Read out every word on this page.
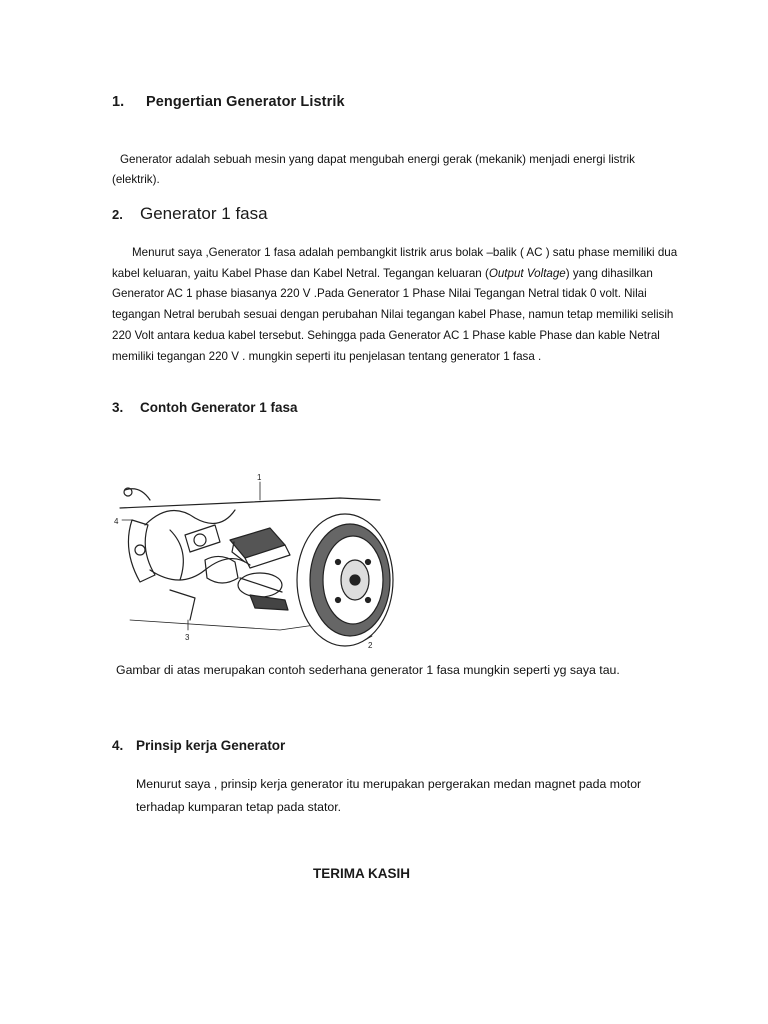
1. Pengertian Generator Listrik
Generator adalah sebuah mesin yang dapat mengubah energi gerak (mekanik) menjadi energi listrik (elektrik).
2. Generator 1 fasa
Menurut saya ,Generator 1 fasa adalah pembangkit listrik arus bolak –balik ( AC ) satu phase memiliki dua kabel keluaran, yaitu Kabel Phase dan Kabel Netral. Tegangan keluaran (Output Voltage) yang dihasilkan Generator AC 1 phase biasanya 220 V .Pada Generator 1 Phase Nilai Tegangan Netral tidak 0 volt. Nilai tegangan Netral berubah sesuai dengan perubahan Nilai tegangan kabel Phase, namun tetap memiliki selisih 220 Volt antara kedua kabel tersebut. Sehingga pada Generator AC 1 Phase kable Phase dan kable Netral memiliki tegangan 220 V . mungkin seperti itu penjelasan tentang generator 1 fasa .
3. Contoh Generator 1 fasa
1
2
3
4
Gambar di atas merupakan contoh sederhana generator 1 fasa mungkin seperti yg saya tau.
4. Prinsip kerja Generator
Menurut saya , prinsip kerja generator itu merupakan pergerakan medan magnet pada motor terhadap kumparan tetap pada stator.
TERIMA KASIH
